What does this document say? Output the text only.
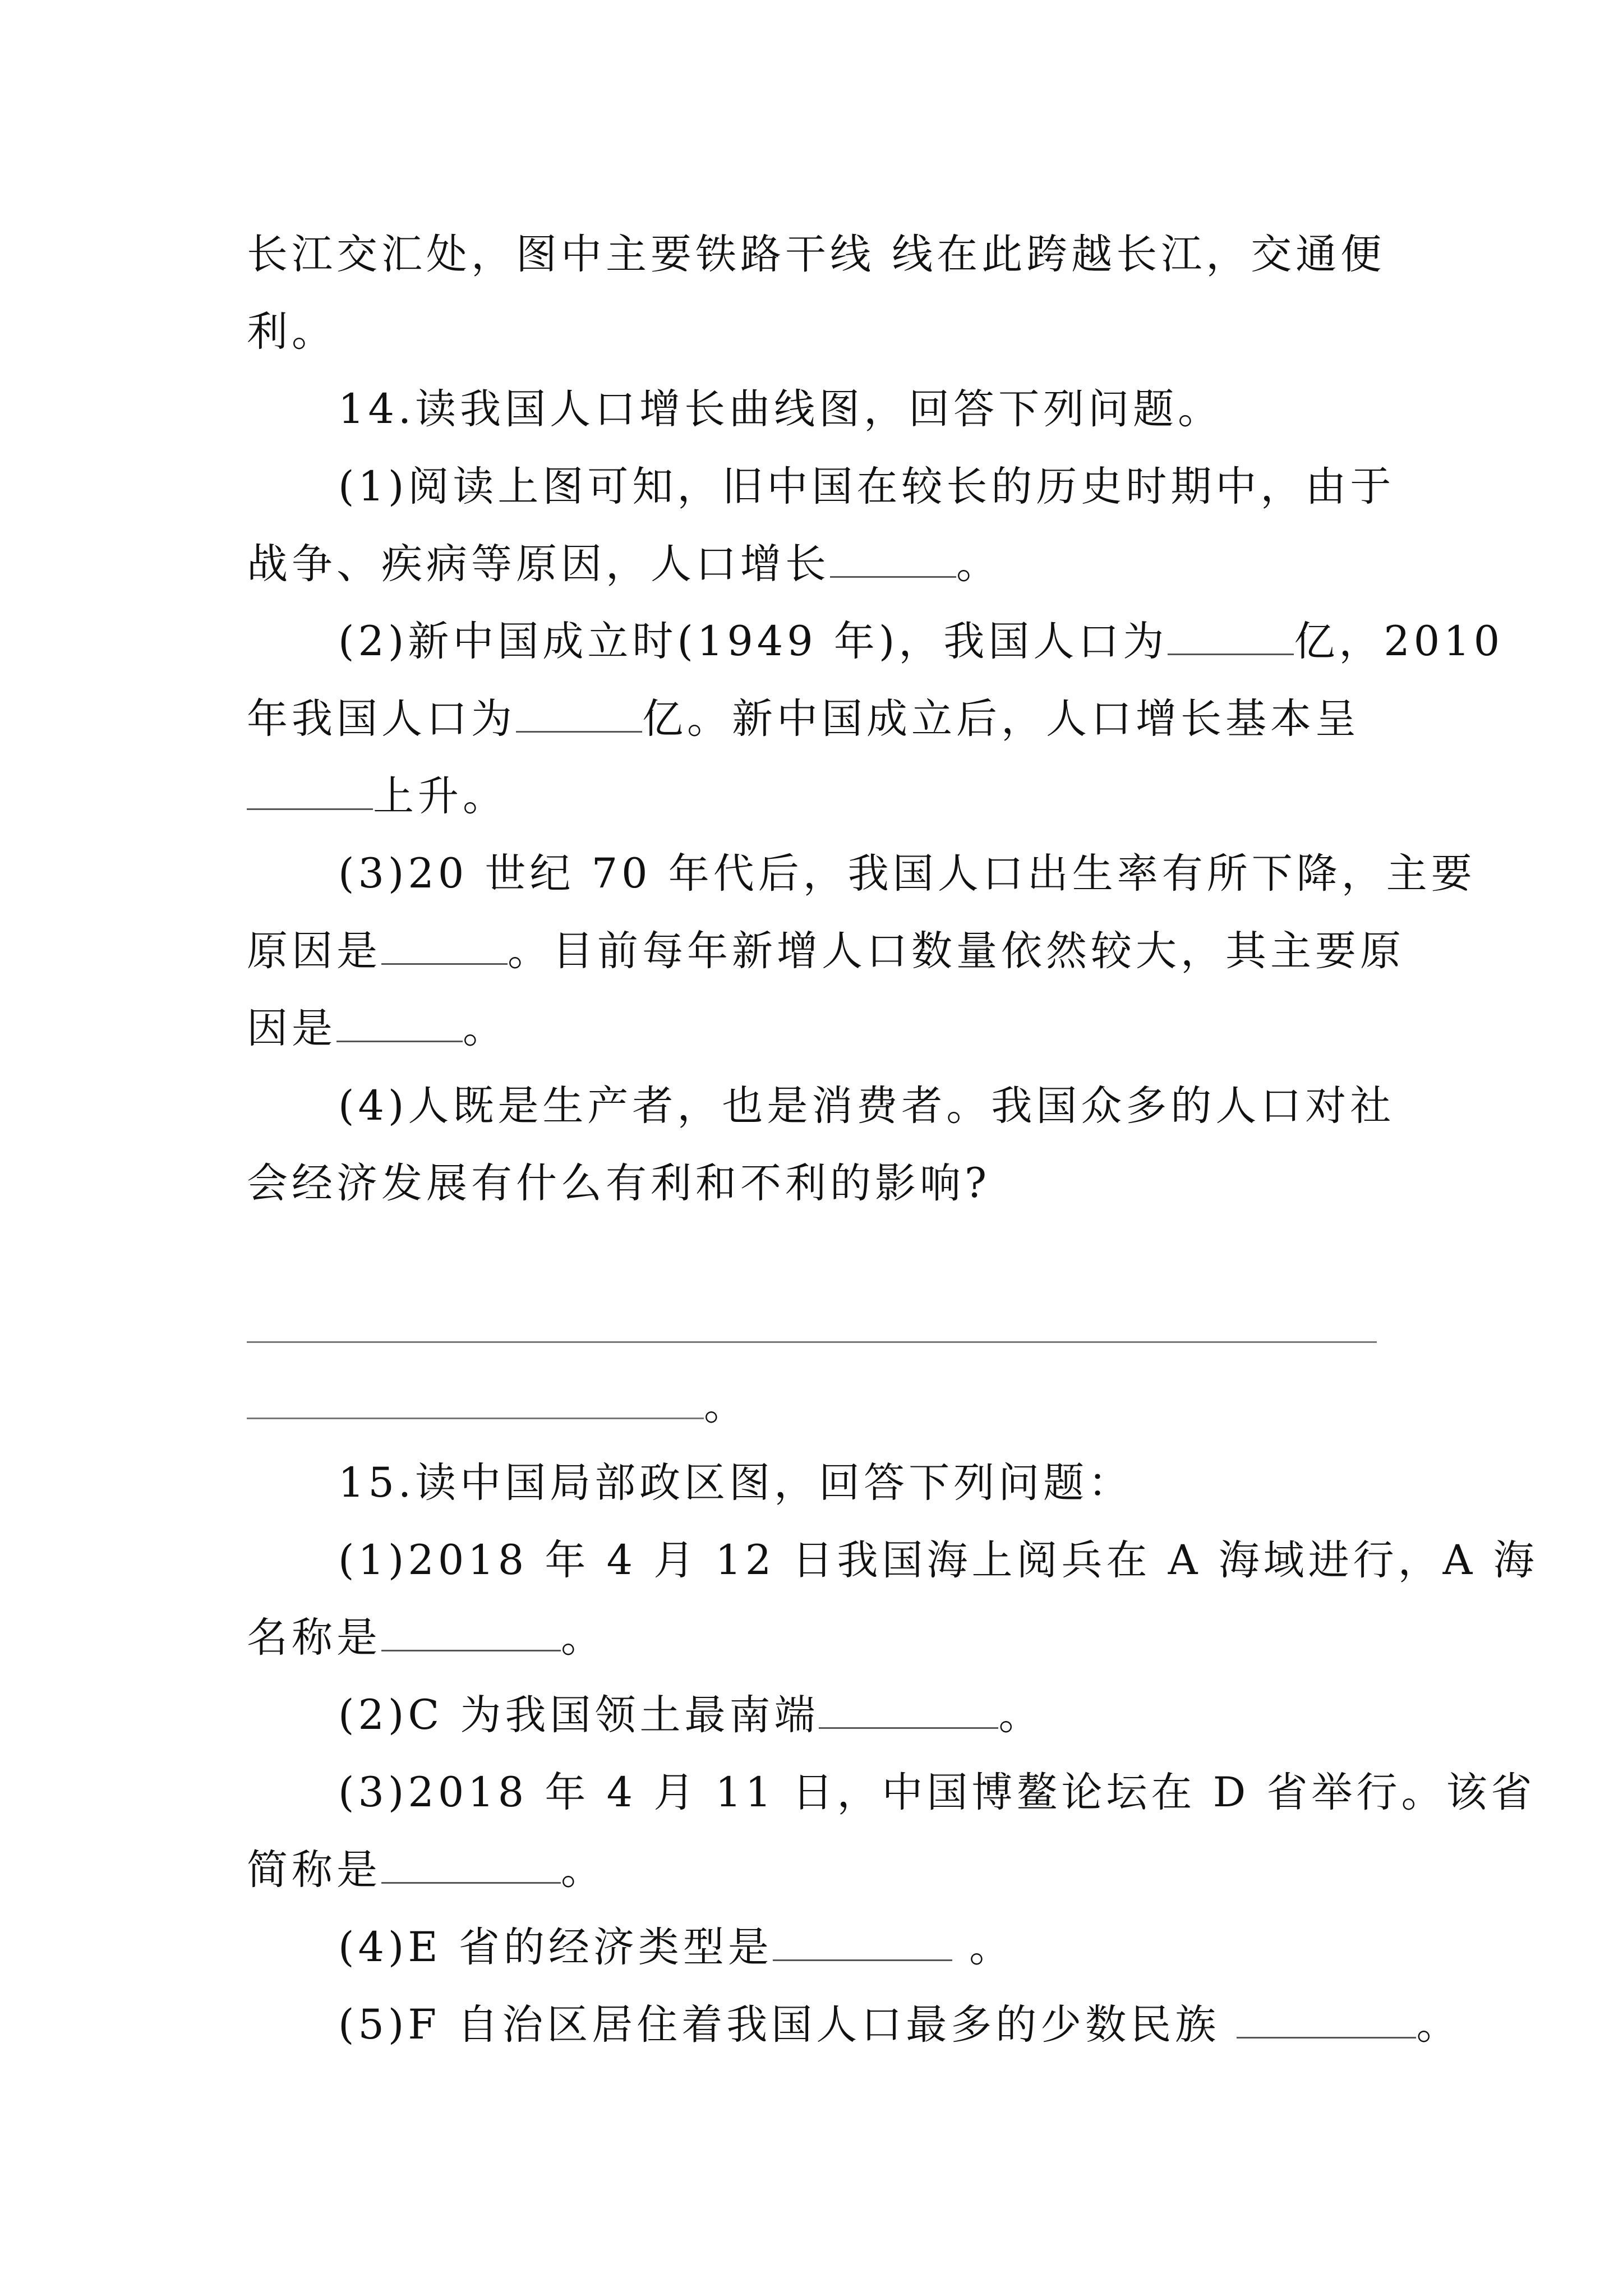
长江交汇处，图中主要铁路干线 线在此跨越长江，交通便
利。
14.读我国人口增长曲线图，回答下列问题。
(1)阅读上图可知，旧中国在较长的历史时期中，由于
战争、疾病等原因，人口增长	。
(2)新中国成立时(1949 年)，我国人口为	亿，2010
年我国人口为	亿。新中国成立后，人口增长基本呈
上升。
(3)20 世纪 70 年代后，我国人口出生率有所下降，主要
原因是	。目前每年新增人口数量依然较大，其主要原
因是	。
(4)人既是生产者，也是消费者。我国众多的人口对社
会经济发展有什么有利和不利的影响?
。
15.读中国局部政区图，回答下列问题：
(1)2018 年 4 月 12 日我国海上阅兵在 A 海域进行，A 海
名称是	。
(2)C 为我国领土最南端	。
(3)2018 年 4 月 11 日，中国博鳌论坛在 D 省举行。该省
简称是	。
(4)E 省的经济类型是	。
(5)F 自治区居住着我国人口最多的少数民族	。
